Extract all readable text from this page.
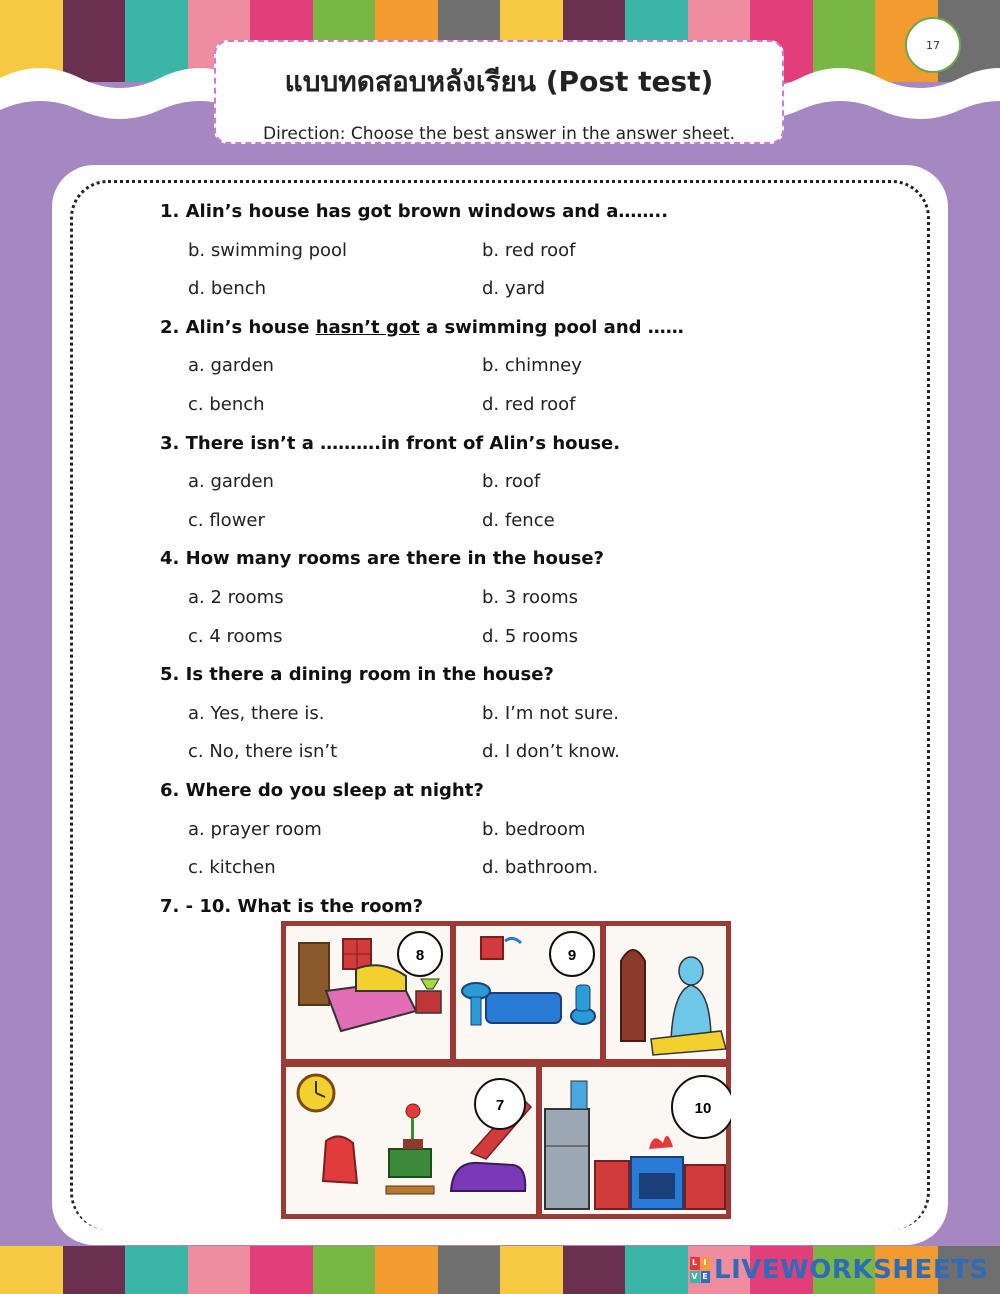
17
แบบทดสอบหลังเรียน (Post test)
Direction: Choose the best answer in the answer sheet.
1. Alin’s house has got brown windows and a……..
b. swimming pool	b. red roof
d. bench	d. yard
2. Alin’s house hasn’t got a swimming pool and ……
a. garden	b. chimney
c. bench	d. red roof
3. There isn’t a ……….in front of Alin’s house.
a. garden	b. roof
c. flower	d. fence
4. How many rooms are there in the house?
a. 2 rooms	b. 3 rooms
c. 4 rooms	d. 5 rooms
5. Is there a dining room in the house?
a. Yes, there is.	b. I’m not sure.
c. No, there isn’t	d. I don’t know.
6. Where do you sleep at night?
a. prayer room	b. bedroom
c. kitchen	d. bathroom.
7. - 10. What is the room?
8	9
7	10
L I
V E LIVEWORKSHEETS
